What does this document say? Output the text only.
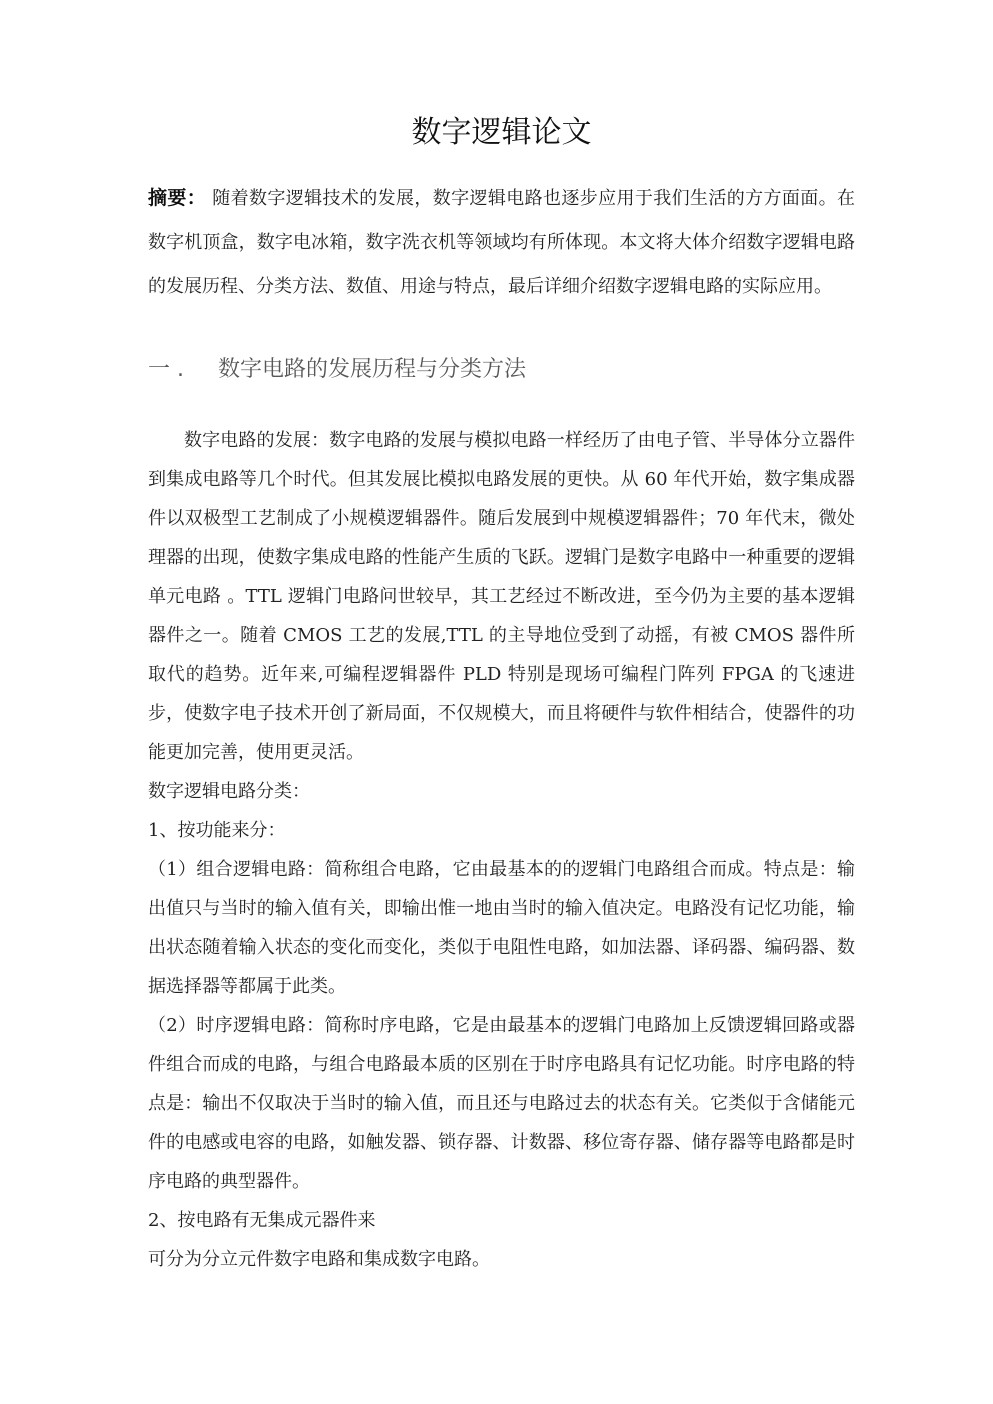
数字逻辑论文

摘要： 随着数字逻辑技术的发展，数字逻辑电路也逐步应用于我们生活的方方面面。在数字机顶盒，数字电冰箱，数字洗衣机等领域均有所体现。本文将大体介绍数字逻辑电路的发展历程、分类方法、数值、用途与特点，最后详细介绍数字逻辑电路的实际应用。

一 . 数字电路的发展历程与分类方法

数字电路的发展：数字电路的发展与模拟电路一样经历了由电子管、半导体分立器件到集成电路等几个时代。但其发展比模拟电路发展的更快。从 60 年代开始，数字集成器件以双极型工艺制成了小规模逻辑器件。随后发展到中规模逻辑器件；70 年代末，微处理器的出现，使数字集成电路的性能产生质的飞跃。逻辑门是数字电路中一种重要的逻辑单元电路 。TTL 逻辑门电路问世较早，其工艺经过不断改进，至今仍为主要的基本逻辑器件之一。随着 CMOS 工艺的发展,TTL 的主导地位受到了动摇，有被 CMOS 器件所取代的趋势。近年来,可编程逻辑器件 PLD 特别是现场可编程门阵列 FPGA 的飞速进步，使数字电子技术开创了新局面，不仅规模大，而且将硬件与软件相结合，使器件的功能更加完善，使用更灵活。

数字逻辑电路分类：

1、按功能来分：

（1）组合逻辑电路：简称组合电路，它由最基本的的逻辑门电路组合而成。特点是：输出值只与当时的输入值有关，即输出惟一地由当时的输入值决定。电路没有记忆功能，输出状态随着输入状态的变化而变化，类似于电阻性电路，如加法器、译码器、编码器、数据选择器等都属于此类。

（2）时序逻辑电路：简称时序电路，它是由最基本的逻辑门电路加上反馈逻辑回路或器件组合而成的电路，与组合电路最本质的区别在于时序电路具有记忆功能。时序电路的特点是：输出不仅取决于当时的输入值，而且还与电路过去的状态有关。它类似于含储能元件的电感或电容的电路，如触发器、锁存器、计数器、移位寄存器、储存器等电路都是时序电路的典型器件。

2、按电路有无集成元器件来

可分为分立元件数字电路和集成数字电路。
